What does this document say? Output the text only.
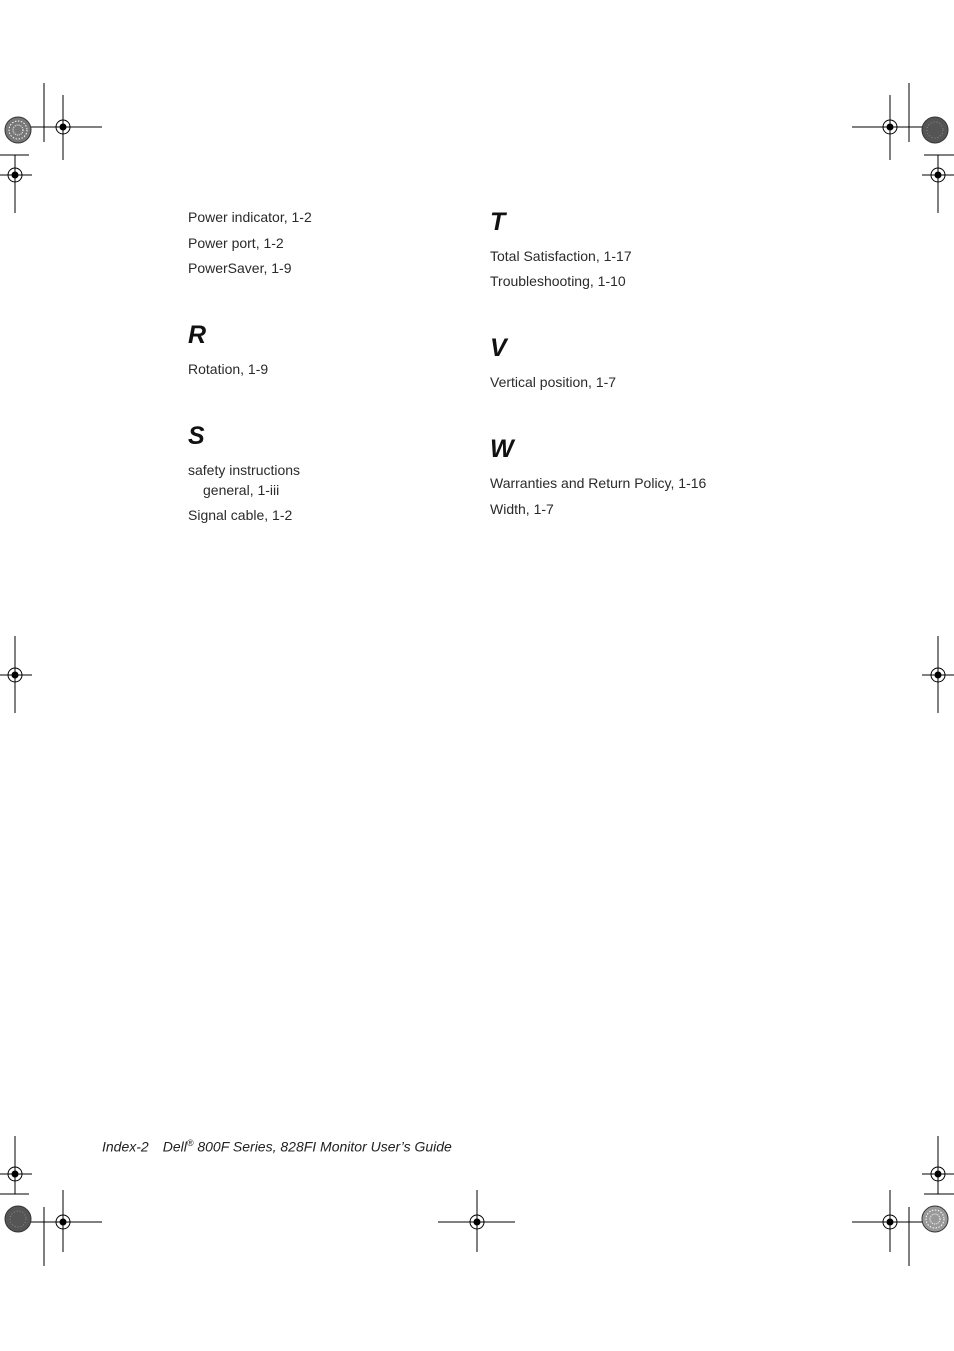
Power indicator, 1-2
Power port, 1-2
PowerSaver, 1-9
R
Rotation, 1-9
S
safety instructions
general, 1-iii
Signal cable, 1-2
T
Total Satisfaction, 1-17
Troubleshooting, 1-10
V
Vertical position, 1-7
W
Warranties and Return Policy, 1-16
Width, 1-7
Index-2 Dell® 800F Series, 828FI Monitor User’s Guide
